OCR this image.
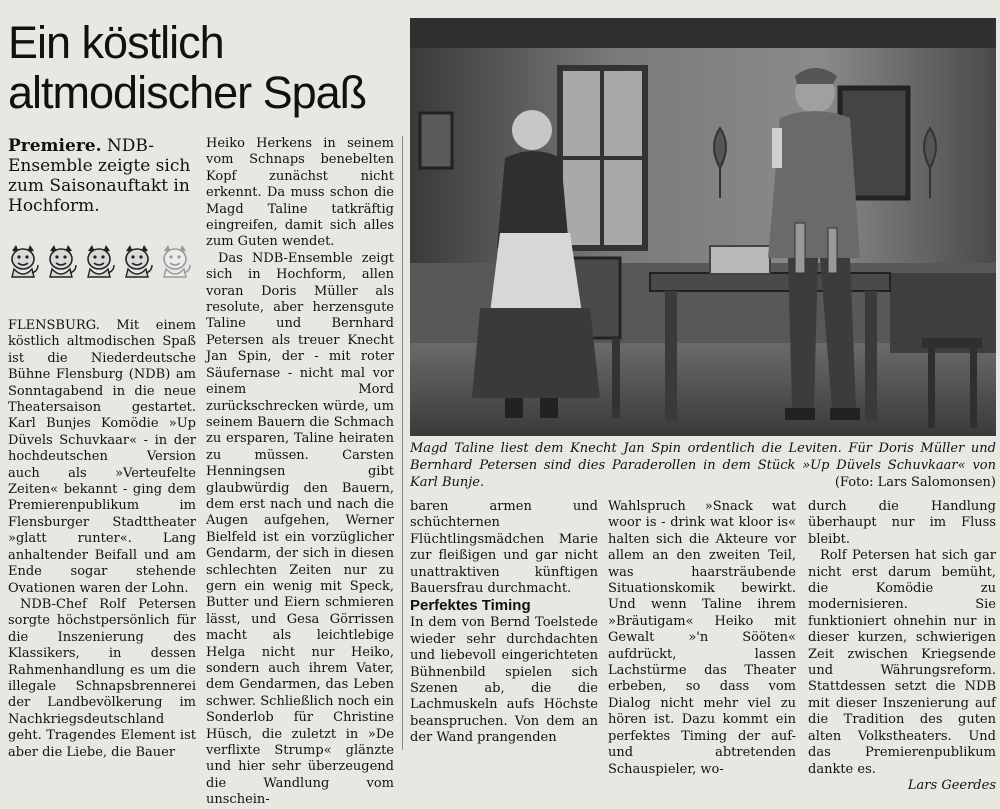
Ein köstlich altmodischer Spaß
Premiere. NDB-Ensemble zeigte sich zum Saisonauftakt in Hochform.

FLENSBURG. Mit einem köstlich altmodischen Spaß ist die Niederdeutsche Bühne Flensburg (NDB) am Sonntagabend in die neue Theatersaison gestartet. Karl Bunjes Komödie »Up Düvels Schuvkaar« - in der hochdeutschen Version auch als »Verteufelte Zeiten« bekannt - ging dem Premierenpublikum im Flensburger Stadttheater »glatt runter«. Lang anhaltender Beifall und am Ende sogar stehende Ovationen waren der Lohn.

NDB-Chef Rolf Petersen sorgte höchstpersönlich für die Inszenierung des Klassikers, in dessen Rahmenhandlung es um die illegale Schnapsbrennerei der Landbevölkerung im Nachkriegsdeutschland geht. Tragendes Element ist aber die Liebe, die Bauer

Heiko Herkens in seinem vom Schnaps benebelten Kopf zunächst nicht erkennt. Da muss schon die Magd Taline tatkräftig eingreifen, damit sich alles zum Guten wendet.

Das NDB-Ensemble zeigt sich in Hochform, allen voran Doris Müller als resolute, aber herzensgute Taline und Bernhard Petersen als treuer Knecht Jan Spin, der - mit roter Säufernase - nicht mal vor einem Mord zurückschrecken würde, um seinem Bauern die Schmach zu ersparen, Taline heiraten zu müssen. Carsten Henningsen gibt glaubwürdig den Bauern, dem erst nach und nach die Augen aufgehen, Werner Bielfeld ist ein vorzüglicher Gendarm, der sich in diesen schlechten Zeiten nur zu gern ein wenig mit Speck, Butter und Eiern schmieren lässt, und Gesa Görrissen macht als leichtlebige Helga nicht nur Heiko, sondern auch ihrem Vater, dem Gendarmen, das Leben schwer. Schließlich noch ein Sonderlob für Christine Hüsch, die zuletzt in »De verflixte Strump« glänzte und hier sehr überzeugend die Wandlung vom unschein-

Magd Taline liest dem Knecht Jan Spin ordentlich die Leviten. Für Doris Müller und Bernhard Petersen sind dies Paraderollen in dem Stück »Up Düvels Schuvkaar« von Karl Bunje.	(Foto: Lars Salomonsen)

baren armen und schüchternen Flüchtlingsmädchen Marie zur fleißigen und gar nicht unattraktiven künftigen Bauersfrau durchmacht.

Perfektes Timing

In dem von Bernd Toelstede wieder sehr durchdachten und liebevoll eingerichteten Bühnenbild spielen sich Szenen ab, die die Lachmuskeln aufs Höchste beanspruchen. Von dem an der Wand prangenden

Wahlspruch »Snack wat woor is - drink wat kloor is« halten sich die Akteure vor allem an den zweiten Teil, was haarsträubende Situationskomik bewirkt. Und wenn Taline ihrem »Bräutigam« Heiko mit Gewalt »'n Sööten« aufdrückt, lassen Lachstürme das Theater erbeben, so dass vom Dialog nicht mehr viel zu hören ist. Dazu kommt ein perfektes Timing der auf- und abtretenden Schauspieler, wo-

durch die Handlung überhaupt nur im Fluss bleibt.

Rolf Petersen hat sich gar nicht erst darum bemüht, die Komödie zu modernisieren. Sie funktioniert ohnehin nur in dieser kurzen, schwierigen Zeit zwischen Kriegsende und Währungsreform. Stattdessen setzt die NDB mit dieser Inszenierung auf die Tradition des guten alten Volkstheaters. Und das Premierenpublikum dankte es.

Lars Geerdes
